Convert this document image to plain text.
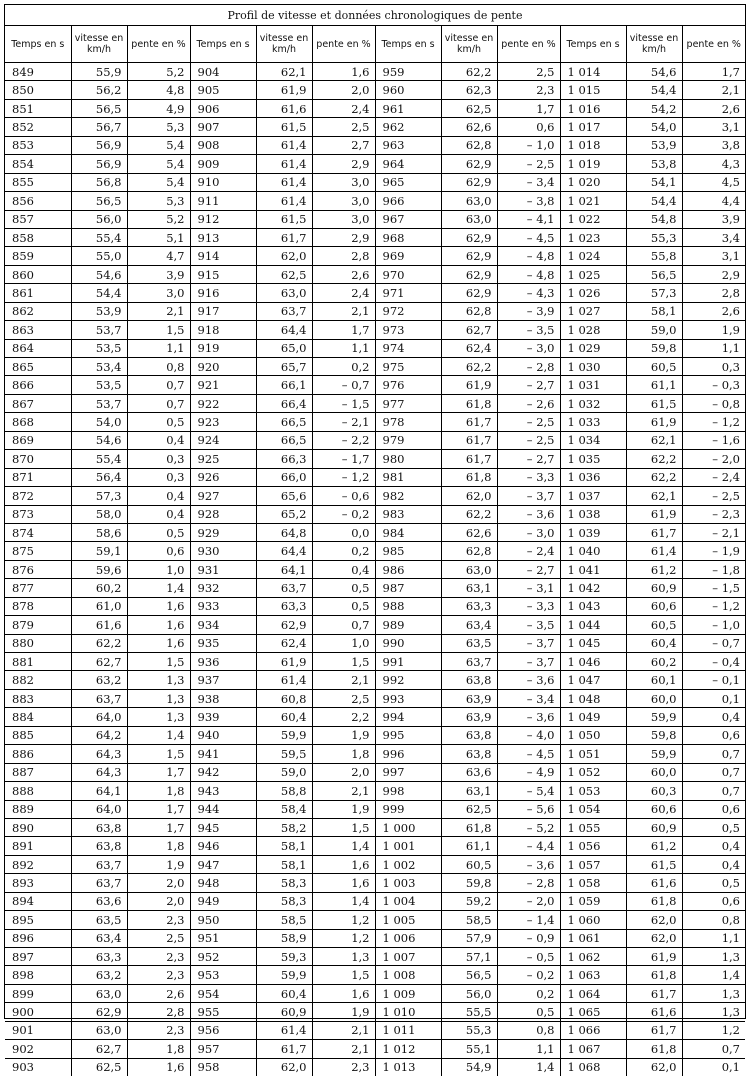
Profil de vitesse et données chronologiques de pente
Temps en s	vitesse en km/h	pente en %	Temps en s	vitesse en km/h	pente en %	Temps en s	vitesse en km/h	pente en %	Temps en s	vitesse en km/h	pente en %
849	55,9	5,2	904	62,1	1,6	959	62,2	2,5	1 014	54,6	1,7
850	56,2	4,8	905	61,9	2,0	960	62,3	2,3	1 015	54,4	2,1
851	56,5	4,9	906	61,6	2,4	961	62,5	1,7	1 016	54,2	2,6
852	56,7	5,3	907	61,5	2,5	962	62,6	0,6	1 017	54,0	3,1
853	56,9	5,4	908	61,4	2,7	963	62,8	– 1,0	1 018	53,9	3,8
854	56,9	5,4	909	61,4	2,9	964	62,9	– 2,5	1 019	53,8	4,3
855	56,8	5,4	910	61,4	3,0	965	62,9	– 3,4	1 020	54,1	4,5
856	56,5	5,3	911	61,4	3,0	966	63,0	– 3,8	1 021	54,4	4,4
857	56,0	5,2	912	61,5	3,0	967	63,0	– 4,1	1 022	54,8	3,9
858	55,4	5,1	913	61,7	2,9	968	62,9	– 4,5	1 023	55,3	3,4
859	55,0	4,7	914	62,0	2,8	969	62,9	– 4,8	1 024	55,8	3,1
860	54,6	3,9	915	62,5	2,6	970	62,9	– 4,8	1 025	56,5	2,9
861	54,4	3,0	916	63,0	2,4	971	62,9	– 4,3	1 026	57,3	2,8
862	53,9	2,1	917	63,7	2,1	972	62,8	– 3,9	1 027	58,1	2,6
863	53,7	1,5	918	64,4	1,7	973	62,7	– 3,5	1 028	59,0	1,9
864	53,5	1,1	919	65,0	1,1	974	62,4	– 3,0	1 029	59,8	1,1
865	53,4	0,8	920	65,7	0,2	975	62,2	– 2,8	1 030	60,5	0,3
866	53,5	0,7	921	66,1	– 0,7	976	61,9	– 2,7	1 031	61,1	– 0,3
867	53,7	0,7	922	66,4	– 1,5	977	61,8	– 2,6	1 032	61,5	– 0,8
868	54,0	0,5	923	66,5	– 2,1	978	61,7	– 2,5	1 033	61,9	– 1,2
869	54,6	0,4	924	66,5	– 2,2	979	61,7	– 2,5	1 034	62,1	– 1,6
870	55,4	0,3	925	66,3	– 1,7	980	61,7	– 2,7	1 035	62,2	– 2,0
871	56,4	0,3	926	66,0	– 1,2	981	61,8	– 3,3	1 036	62,2	– 2,4
872	57,3	0,4	927	65,6	– 0,6	982	62,0	– 3,7	1 037	62,1	– 2,5
873	58,0	0,4	928	65,2	– 0,2	983	62,2	– 3,6	1 038	61,9	– 2,3
874	58,6	0,5	929	64,8	0,0	984	62,6	– 3,0	1 039	61,7	– 2,1
875	59,1	0,6	930	64,4	0,2	985	62,8	– 2,4	1 040	61,4	– 1,9
876	59,6	1,0	931	64,1	0,4	986	63,0	– 2,7	1 041	61,2	– 1,8
877	60,2	1,4	932	63,7	0,5	987	63,1	– 3,1	1 042	60,9	– 1,5
878	61,0	1,6	933	63,3	0,5	988	63,3	– 3,3	1 043	60,6	– 1,2
879	61,6	1,6	934	62,9	0,7	989	63,4	– 3,5	1 044	60,5	– 1,0
880	62,2	1,6	935	62,4	1,0	990	63,5	– 3,7	1 045	60,4	– 0,7
881	62,7	1,5	936	61,9	1,5	991	63,7	– 3,7	1 046	60,2	– 0,4
882	63,2	1,3	937	61,4	2,1	992	63,8	– 3,6	1 047	60,1	– 0,1
883	63,7	1,3	938	60,8	2,5	993	63,9	– 3,4	1 048	60,0	0,1
884	64,0	1,3	939	60,4	2,2	994	63,9	– 3,6	1 049	59,9	0,4
885	64,2	1,4	940	59,9	1,9	995	63,8	– 4,0	1 050	59,8	0,6
886	64,3	1,5	941	59,5	1,8	996	63,8	– 4,5	1 051	59,9	0,7
887	64,3	1,7	942	59,0	2,0	997	63,6	– 4,9	1 052	60,0	0,7
888	64,1	1,8	943	58,8	2,1	998	63,1	– 5,4	1 053	60,3	0,7
889	64,0	1,7	944	58,4	1,9	999	62,5	– 5,6	1 054	60,6	0,6
890	63,8	1,7	945	58,2	1,5	1 000	61,8	– 5,2	1 055	60,9	0,5
891	63,8	1,8	946	58,1	1,4	1 001	61,1	– 4,4	1 056	61,2	0,4
892	63,7	1,9	947	58,1	1,6	1 002	60,5	– 3,6	1 057	61,5	0,4
893	63,7	2,0	948	58,3	1,6	1 003	59,8	– 2,8	1 058	61,6	0,5
894	63,6	2,0	949	58,3	1,4	1 004	59,2	– 2,0	1 059	61,8	0,6
895	63,5	2,3	950	58,5	1,2	1 005	58,5	– 1,4	1 060	62,0	0,8
896	63,4	2,5	951	58,9	1,2	1 006	57,9	– 0,9	1 061	62,0	1,1
897	63,3	2,3	952	59,3	1,3	1 007	57,1	– 0,5	1 062	61,9	1,3
898	63,2	2,3	953	59,9	1,5	1 008	56,5	– 0,2	1 063	61,8	1,4
899	63,0	2,6	954	60,4	1,6	1 009	56,0	0,2	1 064	61,7	1,3
900	62,9	2,8	955	60,9	1,9	1 010	55,5	0,5	1 065	61,6	1,3
901	63,0	2,3	956	61,4	2,1	1 011	55,3	0,8	1 066	61,7	1,2
902	62,7	1,8	957	61,7	2,1	1 012	55,1	1,1	1 067	61,8	0,7
903	62,5	1,6	958	62,0	2,3	1 013	54,9	1,4	1 068	62,0	0,1
